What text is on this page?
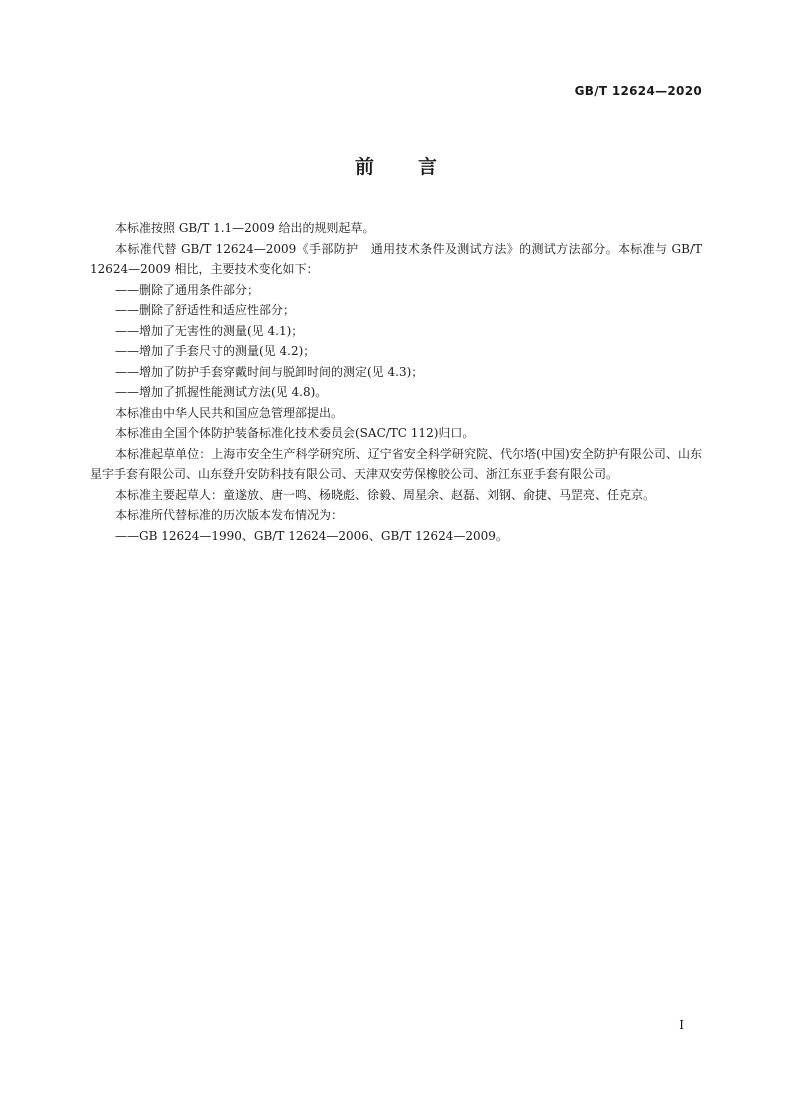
GB/T 12624—2020
前 言

本标准按照 GB/T 1.1—2009 给出的规则起草。

本标准代替 GB/T 12624—2009《手部防护　通用技术条件及测试方法》的测试方法部分。本标准与 GB/T 12624—2009 相比，主要技术变化如下：

——删除了通用条件部分；

——删除了舒适性和适应性部分；

——增加了无害性的测量(见 4.1)；

——增加了手套尺寸的测量(见 4.2)；

——增加了防护手套穿戴时间与脱卸时间的测定(见 4.3)；

——增加了抓握性能测试方法(见 4.8)。

本标准由中华人民共和国应急管理部提出。

本标准由全国个体防护装备标准化技术委员会(SAC/TC 112)归口。

本标准起草单位：上海市安全生产科学研究所、辽宁省安全科学研究院、代尔塔(中国)安全防护有限公司、山东星宇手套有限公司、山东登升安防科技有限公司、天津双安劳保橡胶公司、浙江东亚手套有限公司。

本标准主要起草人：童遂放、唐一鸣、杨晓彪、徐毅、周星余、赵磊、刘钢、俞捷、马罡亮、任克京。

本标准所代替标准的历次版本发布情况为：

——GB 12624—1990、GB/T 12624—2006、GB/T 12624—2009。

I
